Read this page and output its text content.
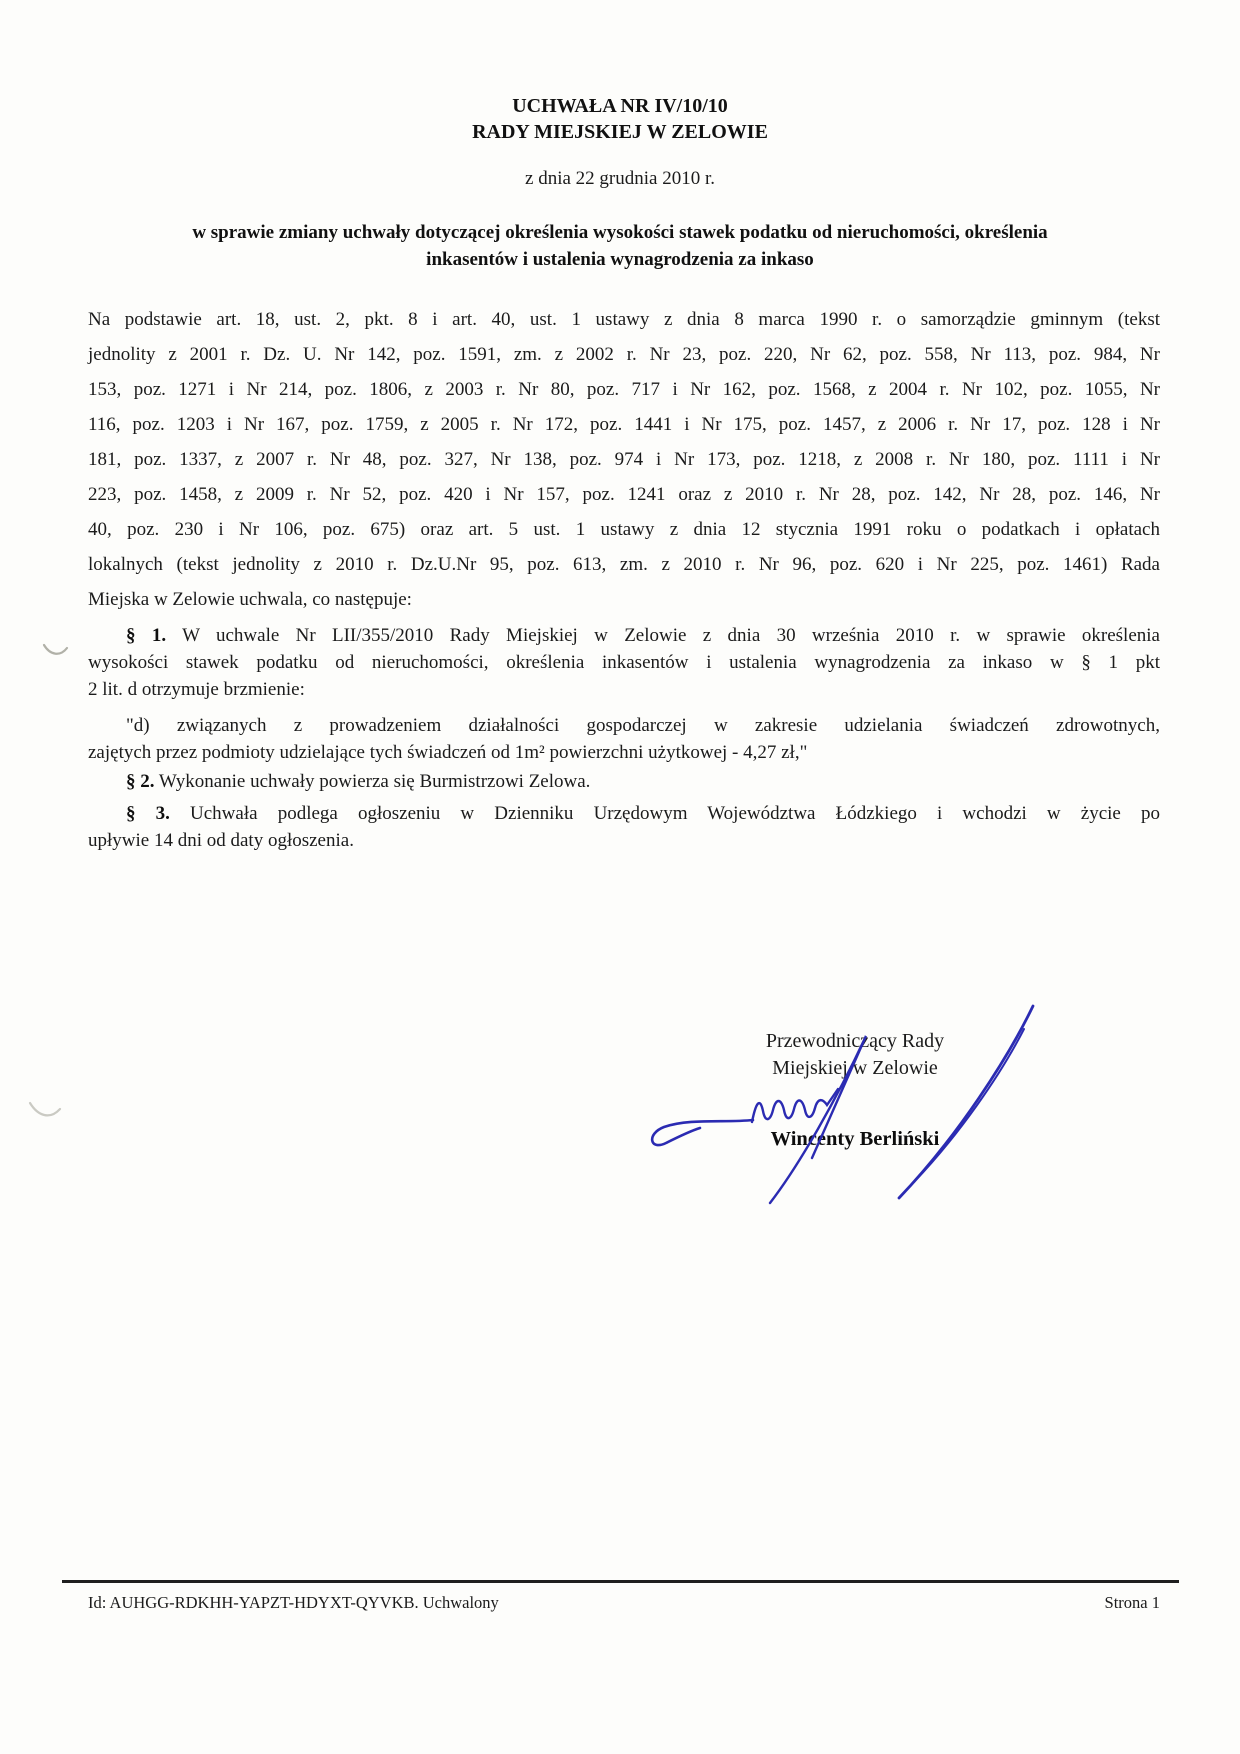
UCHWAŁA NR IV/10/10
RADY MIEJSKIEJ W ZELOWIE
z dnia 22 grudnia 2010 r.
w sprawie zmiany uchwały dotyczącej określenia wysokości stawek podatku od nieruchomości, określenia
inkasentów i ustalenia wynagrodzenia za inkaso
Na podstawie art. 18, ust. 2, pkt. 8 i art. 40, ust. 1 ustawy z dnia 8 marca 1990 r. o samorządzie gminnym (tekst
jednolity z 2001 r. Dz. U. Nr 142, poz. 1591, zm. z 2002 r. Nr 23, poz. 220, Nr 62, poz. 558, Nr 113, poz. 984, Nr
153, poz. 1271 i Nr 214, poz. 1806, z 2003 r. Nr 80, poz. 717 i Nr 162, poz. 1568, z 2004 r. Nr 102, poz. 1055, Nr
116, poz. 1203 i Nr 167, poz. 1759, z 2005 r. Nr 172, poz. 1441 i Nr 175, poz. 1457, z 2006 r. Nr 17, poz. 128 i Nr
181, poz. 1337, z 2007 r. Nr 48, poz. 327, Nr 138, poz. 974 i Nr 173, poz. 1218, z 2008 r. Nr 180, poz. 1111 i Nr
223, poz. 1458, z 2009 r. Nr 52, poz. 420 i Nr 157, poz. 1241 oraz z 2010 r. Nr 28, poz. 142, Nr 28, poz. 146, Nr
40, poz. 230 i Nr 106, poz. 675) oraz art. 5 ust. 1 ustawy z dnia 12 stycznia 1991 roku o podatkach i opłatach
lokalnych (tekst jednolity z 2010 r. Dz.U.Nr 95, poz. 613, zm. z 2010 r. Nr 96, poz. 620 i Nr 225, poz. 1461) Rada
Miejska w Zelowie uchwala, co następuje:
§ 1. W uchwale Nr LII/355/2010 Rady Miejskiej w Zelowie z dnia 30 września 2010 r. w sprawie określenia
wysokości stawek podatku od nieruchomości, określenia inkasentów i ustalenia wynagrodzenia za inkaso w § 1 pkt
2 lit. d otrzymuje brzmienie:
"d) związanych z prowadzeniem działalności gospodarczej w zakresie udzielania świadczeń zdrowotnych,
zajętych przez podmioty udzielające tych świadczeń od 1m² powierzchni użytkowej - 4,27 zł,"
§ 2. Wykonanie uchwały powierza się Burmistrzowi Zelowa.
§ 3. Uchwała podlega ogłoszeniu w Dzienniku Urzędowym Województwa Łódzkiego i wchodzi w życie po
upływie 14 dni od daty ogłoszenia.
Przewodniczący Rady
Miejskiej w Zelowie
Wincenty Berliński
Id: AUHGG-RDKHH-YAPZT-HDYXT-QYVKB. Uchwalony	Strona 1
